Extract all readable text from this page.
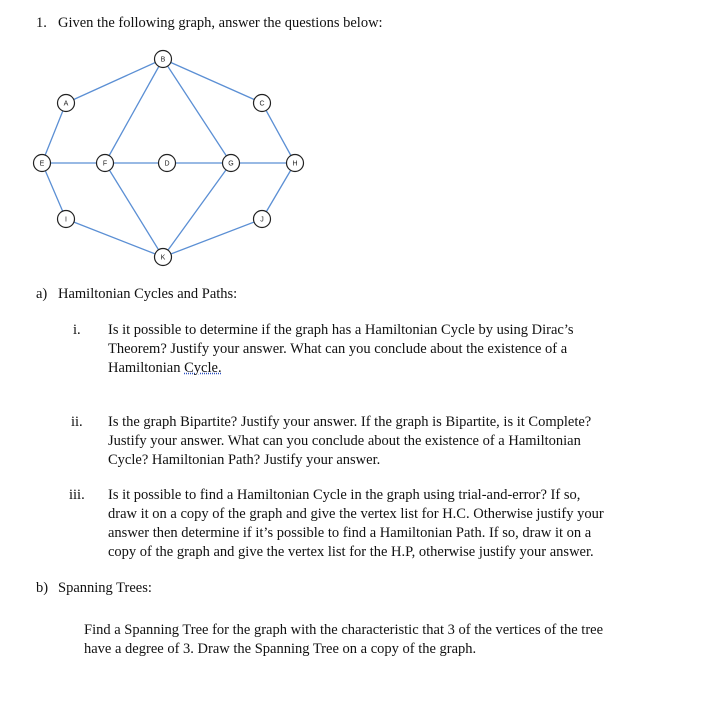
1. Given the following graph, answer the questions below:
A
B
C
E	F	D	G	H
I	J
K
a) Hamiltonian Cycles and Paths:
i. Is it possible to determine if the graph has a Hamiltonian Cycle by using Dirac’s
Theorem? Justify your answer. What can you conclude about the existence of a
Hamiltonian Cycle.
ii. Is the graph Bipartite? Justify your answer. If the graph is Bipartite, is it Complete?
Justify your answer. What can you conclude about the existence of a Hamiltonian
Cycle? Hamiltonian Path? Justify your answer.
iii. Is it possible to find a Hamiltonian Cycle in the graph using trial-and-error? If so,
draw it on a copy of the graph and give the vertex list for H.C. Otherwise justify your
answer then determine if it’s possible to find a Hamiltonian Path. If so, draw it on a
copy of the graph and give the vertex list for the H.P, otherwise justify your answer.
b) Spanning Trees:
Find a Spanning Tree for the graph with the characteristic that 3 of the vertices of the tree
have a degree of 3. Draw the Spanning Tree on a copy of the graph.
